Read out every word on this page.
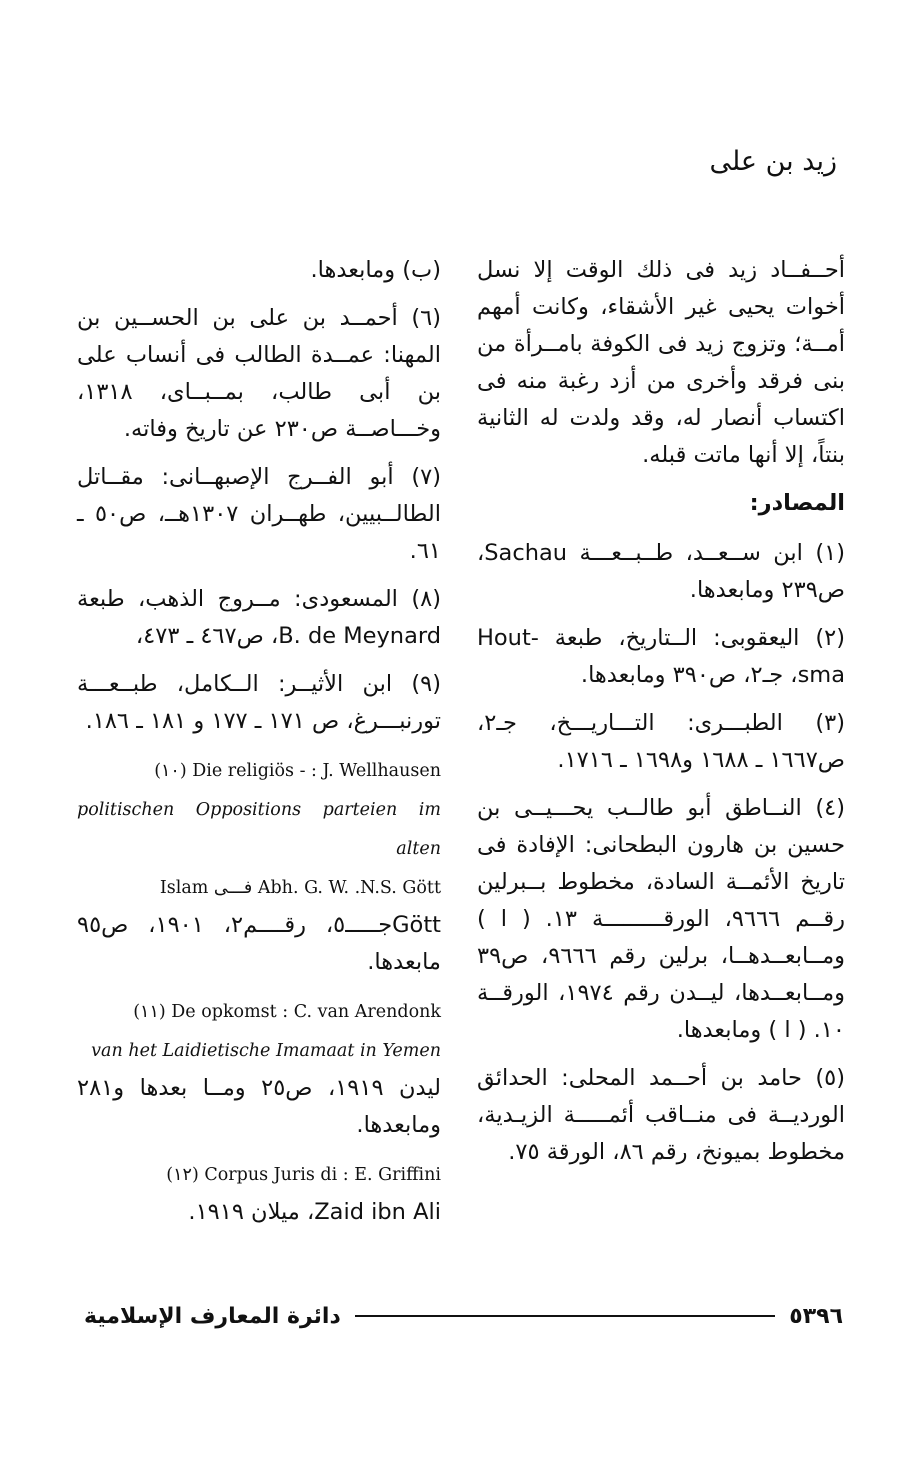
زيد بن على

أحــفــاد زيد فى ذلك الوقت إلا نسل أخوات يحيى غير الأشقاء، وكانت أمهم أمــة؛ وتزوج زيد فى الكوفة بامــرأة من بنى فرقد وأخرى من أزد رغبة منه فى اكتساب أنصار له، وقد ولدت له الثانية بنتاً، إلا أنها ماتت قبله.

المصادر:

(١) ابن ســعــد، طــبــعـــة Sachau، ص٢٣٩ ومابعدها.

(٢) اليعقوبى: الــتاريخ، طبعة Hout- sma، جـ٢، ص٣٩٠ ومابعدها.

(٣) الطبـــرى: التـــاريـــخ، جـ٢، ص١٦٦٧ ـ ١٦٨٨ و١٦٩٨ ـ ١٧١٦.

(٤) النــاطق أبو طالــب يحـــيــى بن حسين بن هارون البطحانى: الإفادة فى تاريخ الأئمــة السادة، مخطوط بــبرلين رقــم ٩٦٦٦، الورقـــــــــة ١٣. ( ا ) ومــابعــدهــا، برلين رقم ٩٦٦٦، ص٣٩ ومــابعــدها، ليــدن رقم ١٩٧٤، الورقــة ١٠. ( ا ) ومابعدها.

(٥) حامد بن أحــمد المحلى: الحدائق الورديــة فى منــاقب أئمـــــة الزيـدية، مخطوط بميونخ، رقم ٨٦، الورقة ٧٥.

(ب) ومابعدها.

(٦) أحمــد بن على بن الحســين بن المهنا: عمــدة الطالب فى أنساب على بن أبى طالب، بمــبــاى، ١٣١٨، وخـــاصــة ص٢٣٠ عن تاريخ وفاته.

(٧) أبو الفــرج الإصبهــانى: مقــاتل الطالــبيين، طهــران ١٣٠٧هــ، ص٥٠ ـ ٦١.

(٨) المسعودى: مــروج الذهب، طبعة B. de Meynard، ص٤٦٧ ـ ٤٧٣،

(٩) ابن الأثيــر: الــكامل، طبــعـــة تورنبـــرغ، ص ١٧١ ـ ١٧٧ و ١٨١ ـ ١٨٦.

Die religiös - : J. Wellhausen (١٠)
politischen Oppositions parteien im alten
Abh. G. W. .N.S. Gött فـــى Islam
Göttجـــــ٥، رقــــم٢، ١٩٠١، ص٩٥ مابعدها.

De opkomst : C. van Arendonk (١١)
van het Laidietische Imamaat in Yemen
ليدن ١٩١٩، ص٢٥ ومــا بعدها و٢٨١ ومابعدها.

Corpus Juris di : E. Griffini (١٢)
Zaid ibn Ali، ميلان ١٩١٩.

دائرة المعارف الإسلامية	٥٣٩٦
